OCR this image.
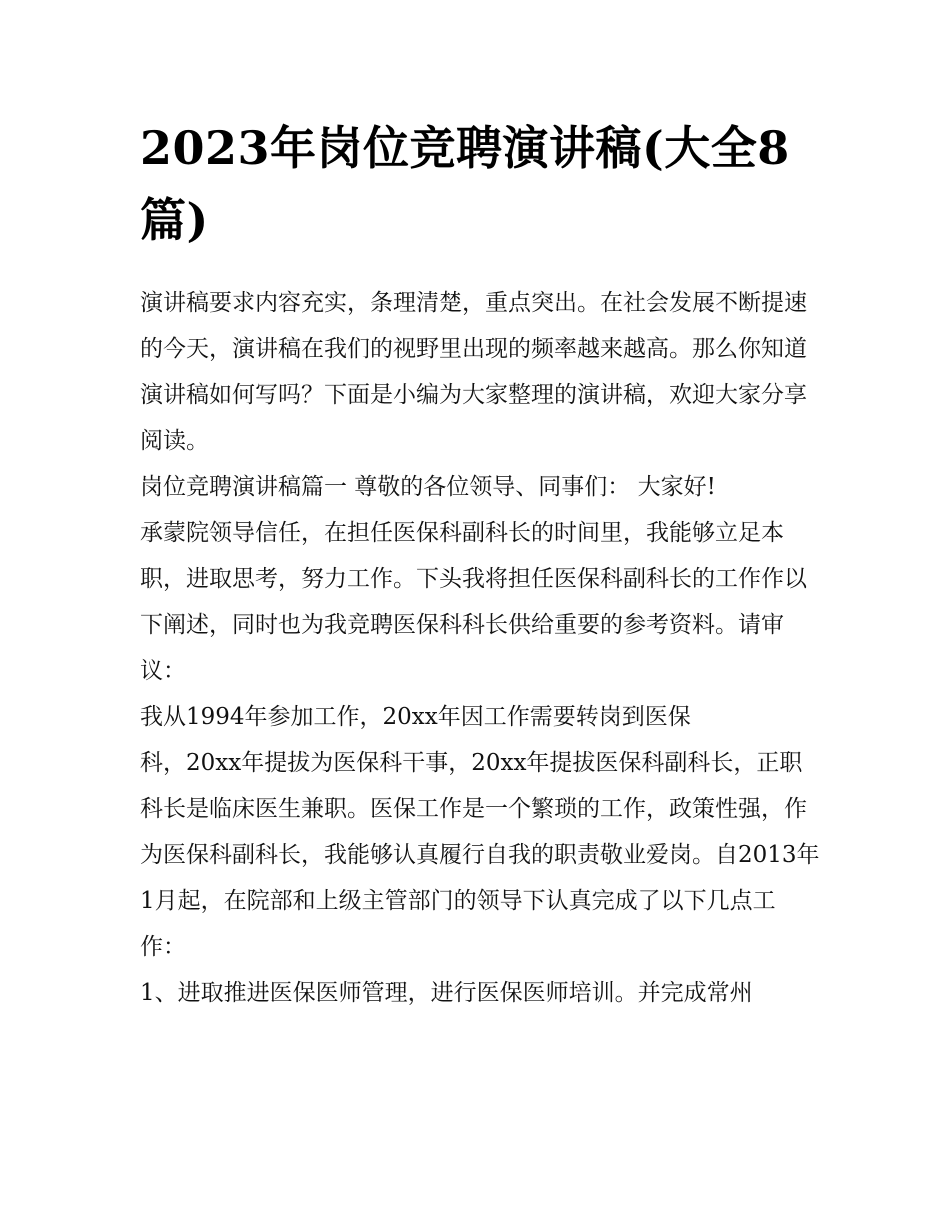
2023年岗位竞聘演讲稿(大全8篇)

演讲稿要求内容充实，条理清楚，重点突出。在社会发展不断提速的今天，演讲稿在我们的视野里出现的频率越来越高。那么你知道演讲稿如何写吗？下面是小编为大家整理的演讲稿，欢迎大家分享阅读。

岗位竞聘演讲稿篇一 尊敬的各位领导、同事们： 大家好!

承蒙院领导信任，在担任医保科副科长的时间里，我能够立足本职，进取思考，努力工作。下头我将担任医保科副科长的工作作以下阐述，同时也为我竞聘医保科科长供给重要的参考资料。请审议：

我从1994年参加工作，20xx年因工作需要转岗到医保

科，20xx年提拔为医保科干事，20xx年提拔医保科副科长，正职科长是临床医生兼职。医保工作是一个繁琐的工作，政策性强，作为医保科副科长，我能够认真履行自我的职责敬业爱岗。自2013年1月起，在院部和上级主管部门的领导下认真完成了以下几点工作：

1、进取推进医保医师管理，进行医保医师培训。并完成常州
